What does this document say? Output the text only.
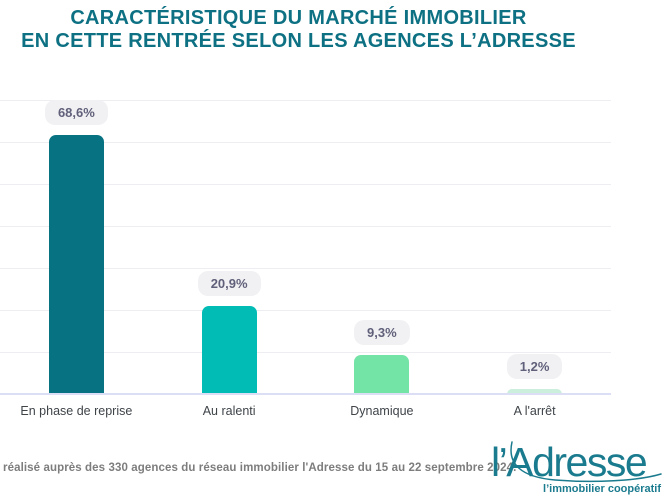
CARACTÉRISTIQUE DU MARCHÉ IMMOBILIER
EN CETTE RENTRÉE SELON LES AGENCES L’ADRESSE
68,6%
20,9%
9,3%
1,2%
En phase de reprise	Au ralenti	Dynamique	A l'arrêt
réalisé auprès des 330 agences du réseau immobilier l'Adresse du 15 au 22 septembre 2024.
l’Adresse
l’immobilier coopératif
